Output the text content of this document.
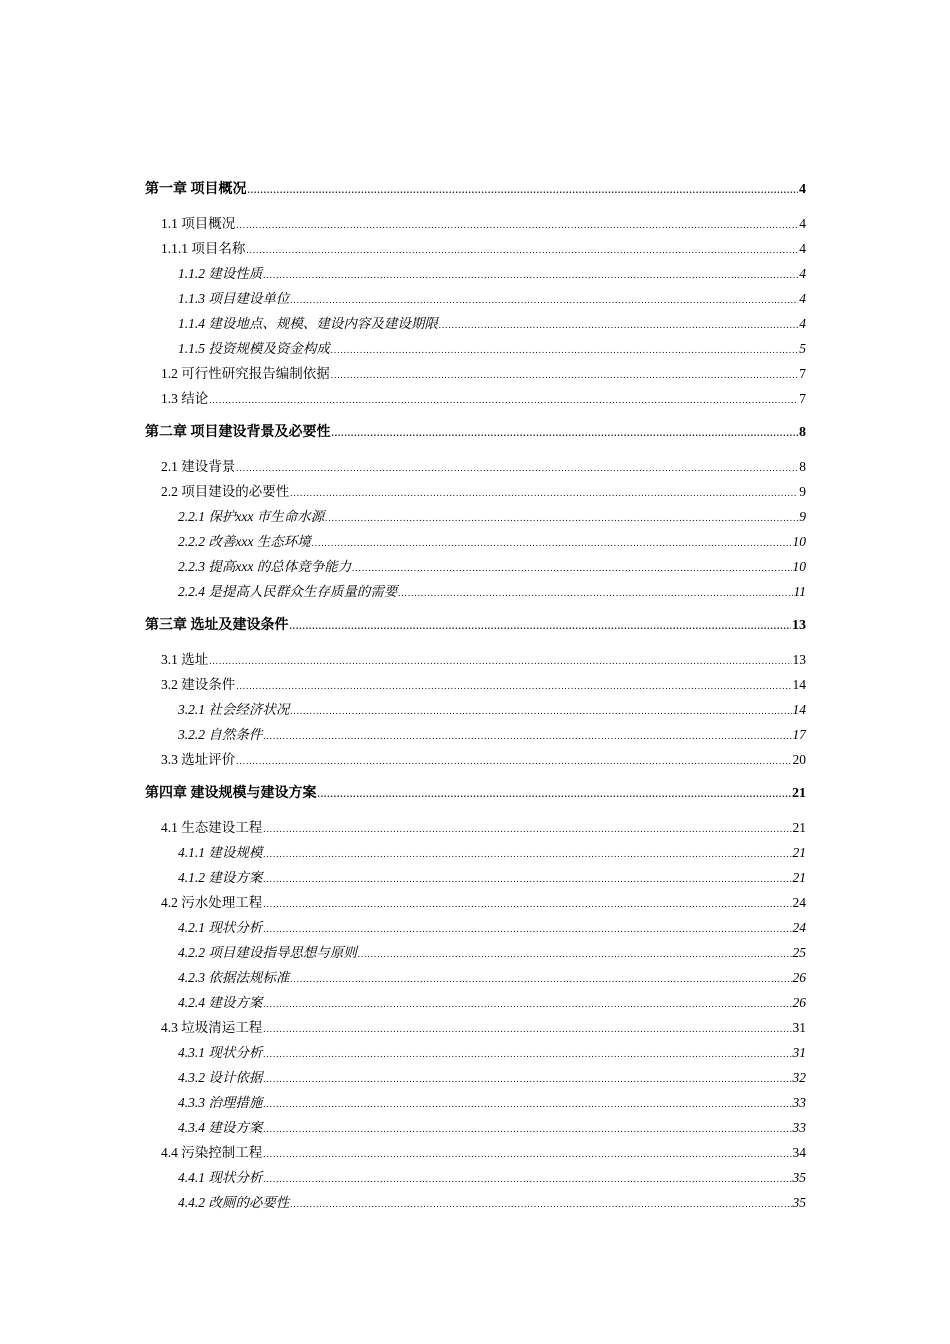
第一章 项目概况 .....	4
1.1 项目概况 .....	4
1.1.1 项目名称 .....	4
1.1.2 建设性质 .....	4
1.1.3 项目建设单位 .....	4
1.1.4 建设地点、规模、建设内容及建设期限 .....	4
1.1.5 投资规模及资金构成 .....	5
1.2 可行性研究报告编制依据 .....	7
1.3 结论 .....	7
第二章 项目建设背景及必要性 .....	8
2.1 建设背景 .....	8
2.2 项目建设的必要性 .....	9
2.2.1 保护xxx 市生命水源 .....	9
2.2.2 改善xxx 生态环境 .....	10
2.2.3 提高xxx 的总体竞争能力 .....	10
2.2.4 是提高人民群众生存质量的需要 .....	11
第三章 选址及建设条件 .....	13
3.1 选址 .....	13
3.2 建设条件 .....	14
3.2.1 社会经济状况 .....	14
3.2.2 自然条件 .....	17
3.3 选址评价 .....	20
第四章 建设规模与建设方案 .....	21
4.1 生态建设工程 .....	21
4.1.1 建设规模 .....	21
4.1.2 建设方案 .....	21
4.2 污水处理工程 .....	24
4.2.1 现状分析 .....	24
4.2.2 项目建设指导思想与原则 .....	25
4.2.3 依据法规标准 .....	26
4.2.4 建设方案 .....	26
4.3 垃圾清运工程 .....	31
4.3.1 现状分析 .....	31
4.3.2 设计依据 .....	32
4.3.3 治理措施 .....	33
4.3.4 建设方案 .....	33
4.4 污染控制工程 .....	34
4.4.1 现状分析 .....	35
4.4.2 改厕的必要性 .....	35
